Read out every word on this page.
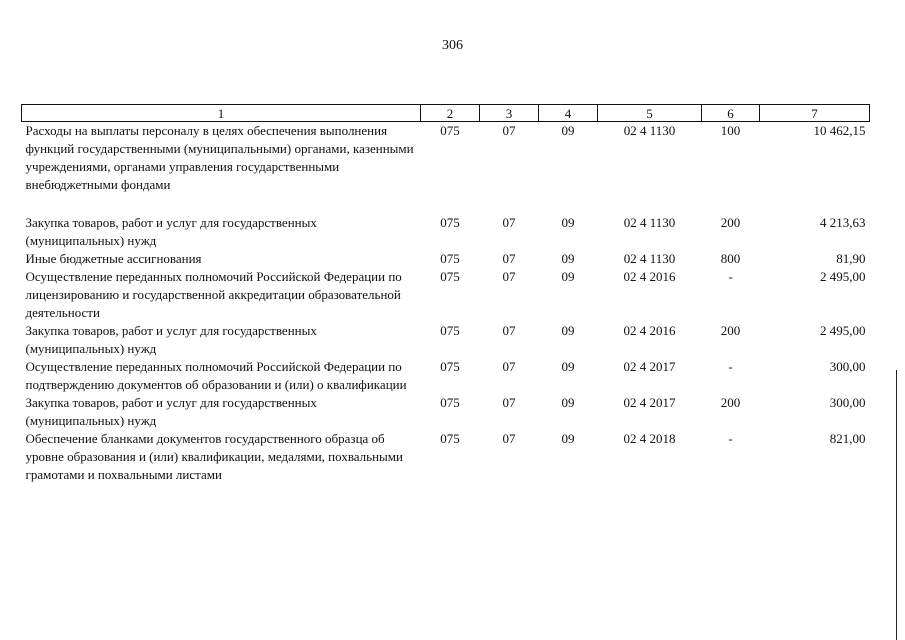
306
1	2	3	4	5	6	7
Расходы на выплаты персоналу в целях обеспечения выполнения функций государственными (муниципальными) органами, казенными учреждениями, органами управления государственными внебюджетными фондами	075	07	09	02 4 1130	100	10 462,15
Закупка товаров, работ и услуг для государственных (муниципальных) нужд	075	07	09	02 4 1130	200	4 213,63
Иные бюджетные ассигнования	075	07	09	02 4 1130	800	81,90
Осуществление переданных полномочий Российской Федерации по лицензированию и государственной аккредитации образовательной деятельности	075	07	09	02 4 2016	-	2 495,00
Закупка товаров, работ и услуг для государственных (муниципальных) нужд	075	07	09	02 4 2016	200	2 495,00
Осуществление переданных полномочий Российской Федерации по подтверждению документов об образовании и (или) о квалификации	075	07	09	02 4 2017	-	300,00
Закупка товаров, работ и услуг для государственных (муниципальных) нужд	075	07	09	02 4 2017	200	300,00
Обеспечение бланками документов государственного образца об уровне образования и (или) квалификации, медалями, похвальными грамотами и похвальными листами	075	07	09	02 4 2018	-	821,00
